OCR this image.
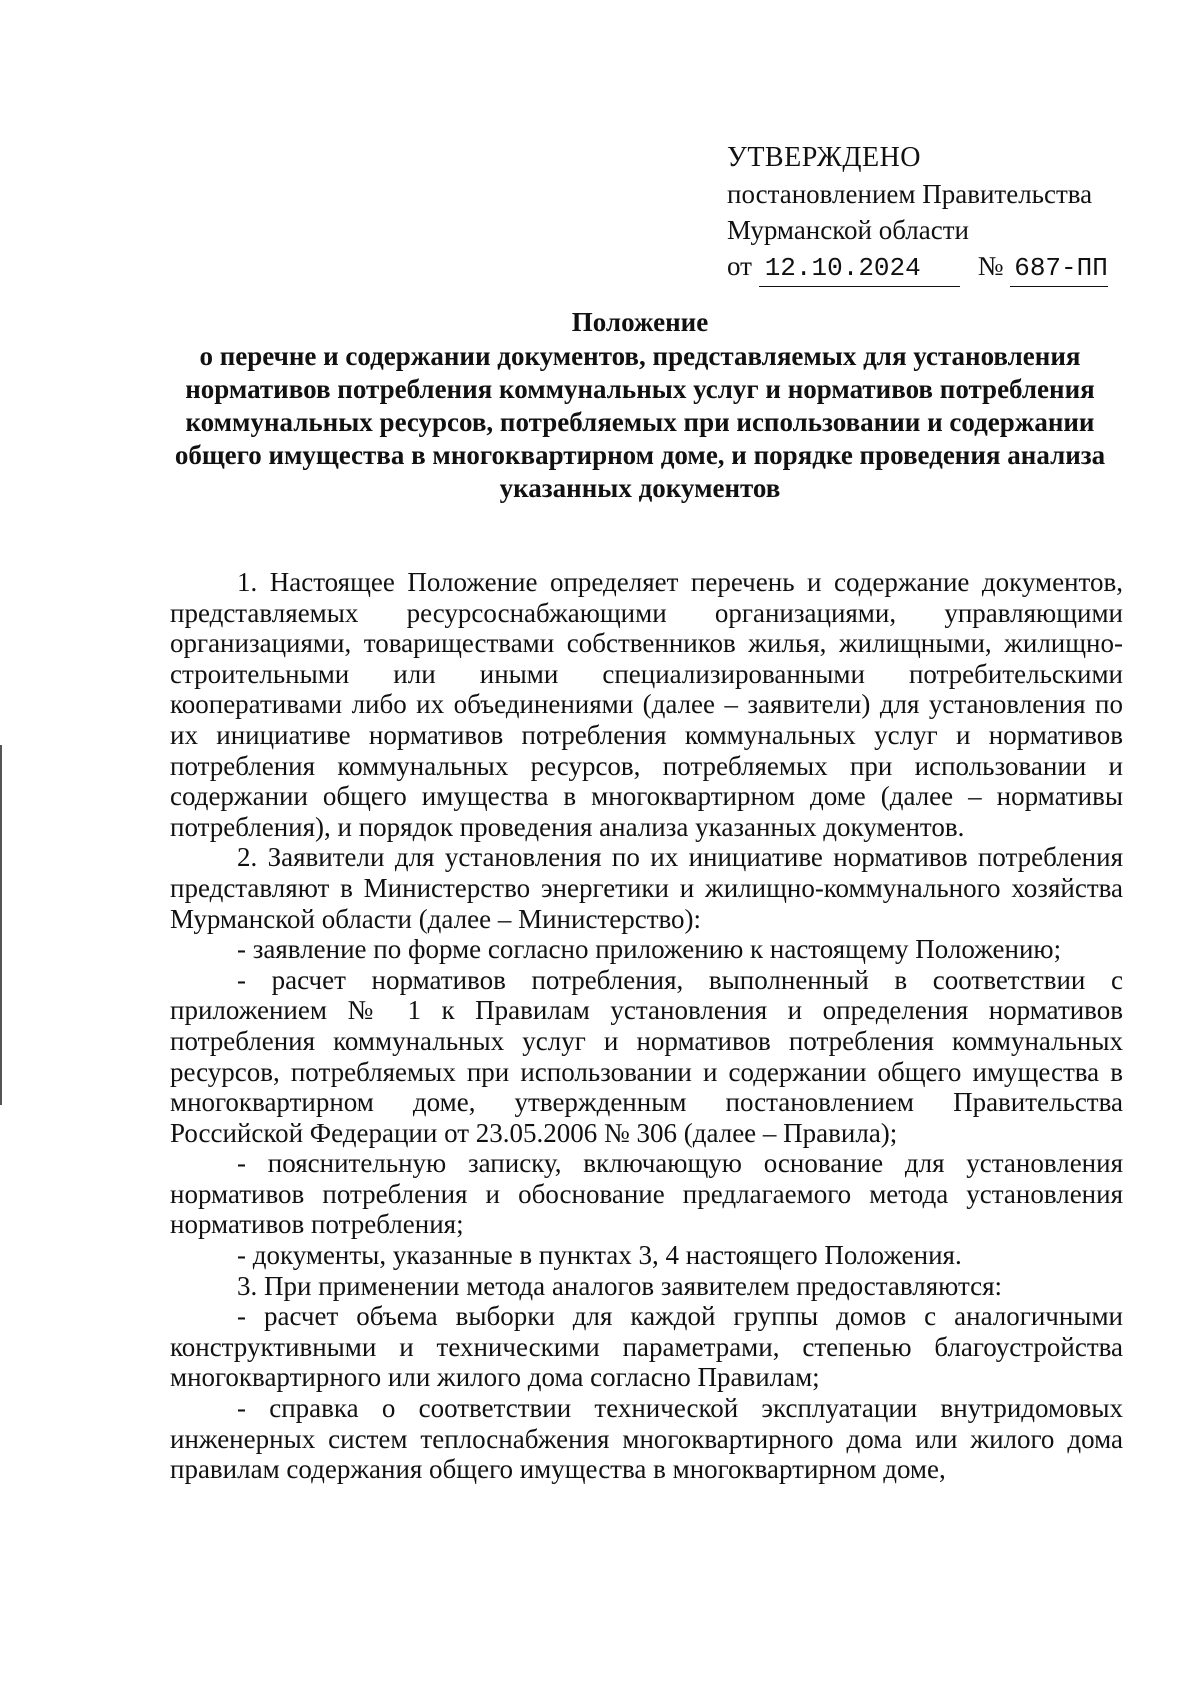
УТВЕРЖДЕНО
постановлением Правительства
Мурманской области
от 12.10.2024 № 687-ПП
Положение
о перечне и содержании документов, представляемых для установления нормативов потребления коммунальных услуг и нормативов потребления коммунальных ресурсов, потребляемых при использовании и содержании общего имущества в многоквартирном доме, и порядке проведения анализа указанных документов

1. Настоящее Положение определяет перечень и содержание документов, представляемых ресурсоснабжающими организациями, управляющими организациями, товариществами собственников жилья, жилищными, жилищно-строительными или иными специализированными потребительскими кооперативами либо их объединениями (далее – заявители) для установления по их инициативе нормативов потребления коммунальных услуг и нормативов потребления коммунальных ресурсов, потребляемых при использовании и содержании общего имущества в многоквартирном доме (далее – нормативы потребления), и порядок проведения анализа указанных документов.

2. Заявители для установления по их инициативе нормативов потребления представляют в Министерство энергетики и жилищно-коммунального хозяйства Мурманской области (далее – Министерство):

- заявление по форме согласно приложению к настоящему Положению;

- расчет нормативов потребления, выполненный в соответствии с приложением № 1 к Правилам установления и определения нормативов потребления коммунальных услуг и нормативов потребления коммунальных ресурсов, потребляемых при использовании и содержании общего имущества в многоквартирном доме, утвержденным постановлением Правительства Российской Федерации от 23.05.2006 № 306 (далее – Правила);

- пояснительную записку, включающую основание для установления нормативов потребления и обоснование предлагаемого метода установления нормативов потребления;

- документы, указанные в пунктах 3, 4 настоящего Положения.

3. При применении метода аналогов заявителем предоставляются:

- расчет объема выборки для каждой группы домов с аналогичными конструктивными и техническими параметрами, степенью благоустройства многоквартирного или жилого дома согласно Правилам;

- справка о соответствии технической эксплуатации внутридомовых инженерных систем теплоснабжения многоквартирного дома или жилого дома правилам содержания общего имущества в многоквартирном доме,
